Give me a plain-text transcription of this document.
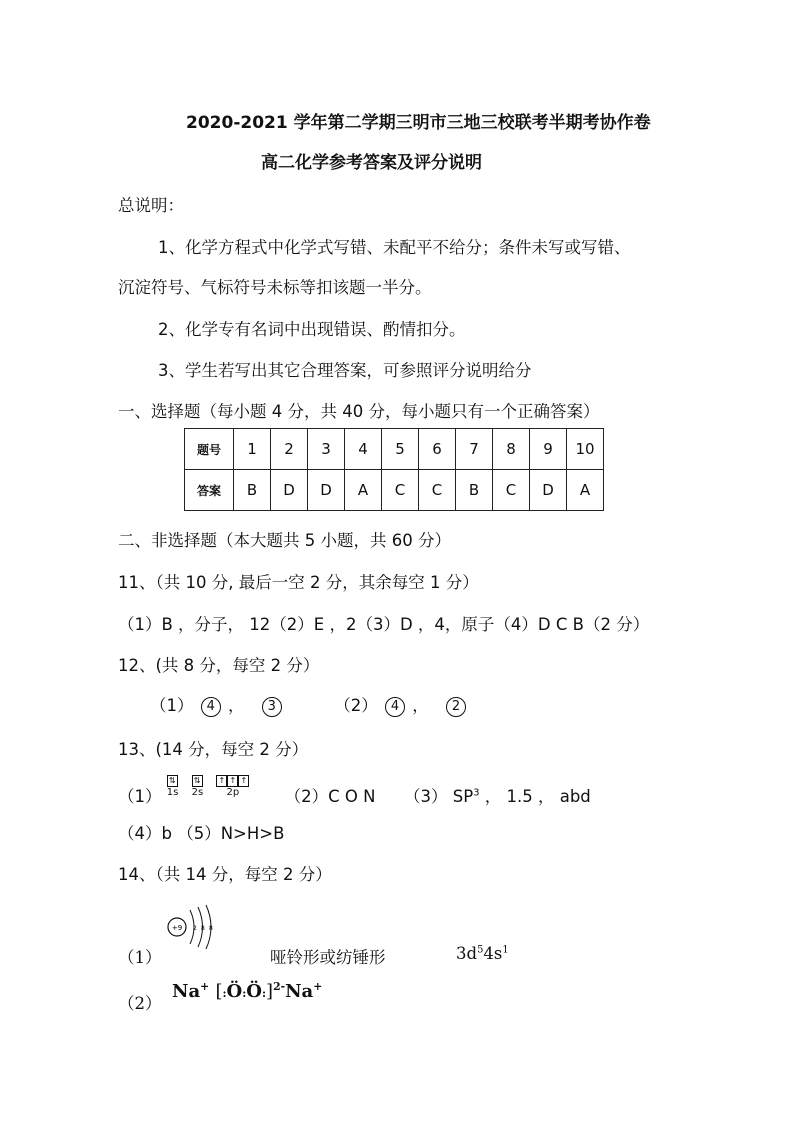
2020-2021 学年第二学期三明市三地三校联考半期考协作卷
高二化学参考答案及评分说明
总说明：
1、化学方程式中化学式写错、未配平不给分；条件未写或写错、
沉淀符号、气标符号未标等扣该题一半分。
2、化学专有名词中出现错误、酌情扣分。
3、学生若写出其它合理答案，可参照评分说明给分
一、选择题（每小题 4 分，共 40 分，每小题只有一个正确答案）
题号	1	2	3	4	5	6	7	8	9	10
答案	B	D	D	A	C	C	B	C	D	A
二、非选择题（本大题共 5 小题，共 60 分）
11、（共 10 分, 最后一空 2 分，其余每空 1 分）
（1）B ，分子， 12（2）E ，2（3）D ，4，原子（4）D C B（2 分）
12、(共 8 分，每空 2 分）
（1） 4 ， 3	（2） 4 ， 2
13、(14 分，每空 2 分）
（1）
⇅
1s

⇅
2s

↑ ↑ ↑
2p	（2）C O N （3） $SP^3$ ， 1.5 ， abd
（4）b （5）N>H>B
14、（共 14 分，每空 2 分）
（1）
+9 2 8 8
哑铃形或纺锤形	$3d^54s^1$
（2）
Na+ [:Ö:Ö:]$^{2-}$Na+
